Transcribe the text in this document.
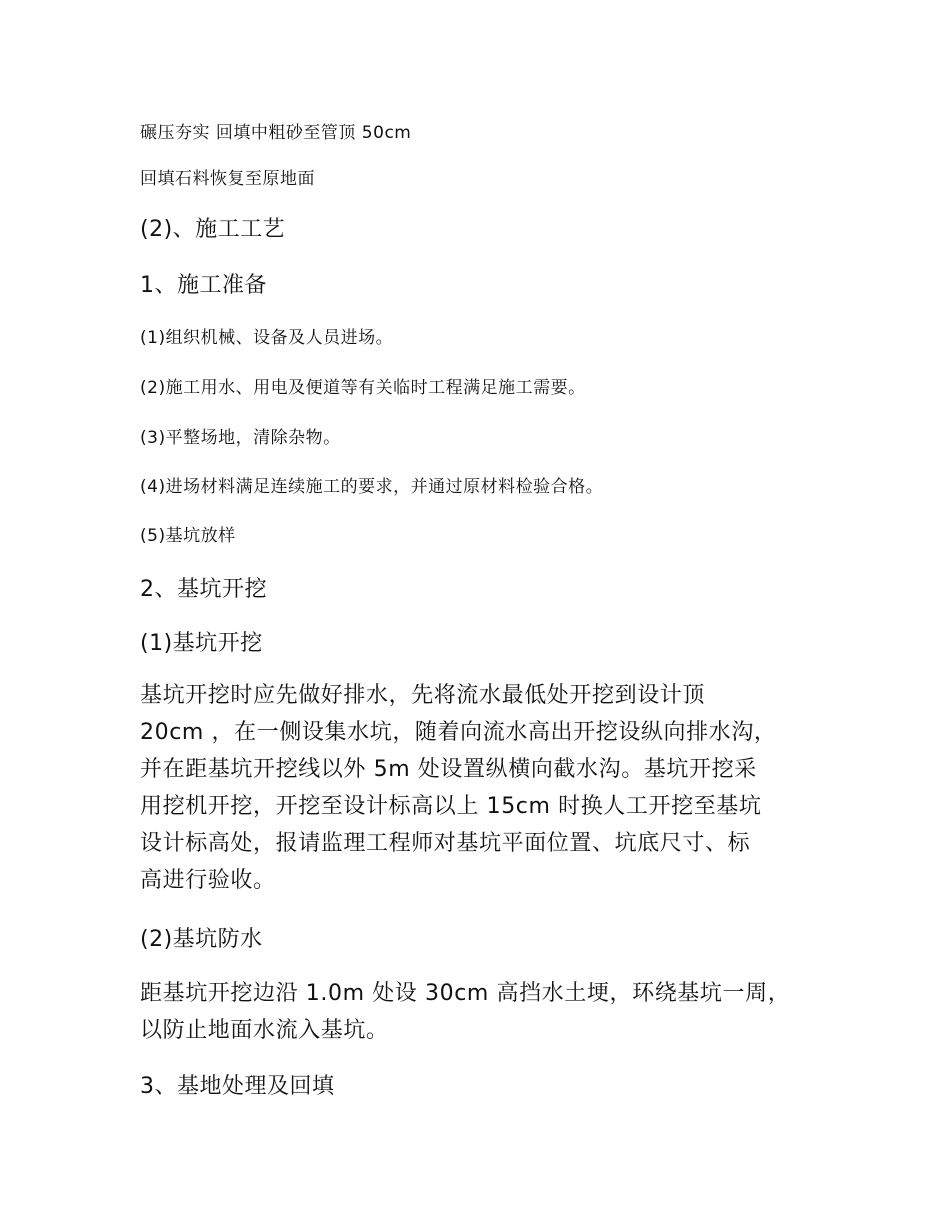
碾压夯实 回填中粗砂至管顶 50cm
回填石料恢复至原地面
(2)、施工工艺
1、施工准备
(1)组织机械、设备及人员进场。
(2)施工用水、用电及便道等有关临时工程满足施工需要。
(3)平整场地，清除杂物。
(4)进场材料满足连续施工的要求，并通过原材料检验合格。
(5)基坑放样
2、基坑开挖
(1)基坑开挖
基坑开挖时应先做好排水，先将流水最低处开挖到设计顶
20cm ，在一侧设集水坑，随着向流水高出开挖设纵向排水沟，
并在距基坑开挖线以外 5m 处设置纵横向截水沟。基坑开挖采
用挖机开挖，开挖至设计标高以上 15cm 时换人工开挖至基坑
设计标高处，报请监理工程师对基坑平面位置、坑底尺寸、标
高进行验收。
(2)基坑防水
距基坑开挖边沿 1.0m 处设 30cm 高挡水土埂，环绕基坑一周，
以防止地面水流入基坑。
3、基地处理及回填
